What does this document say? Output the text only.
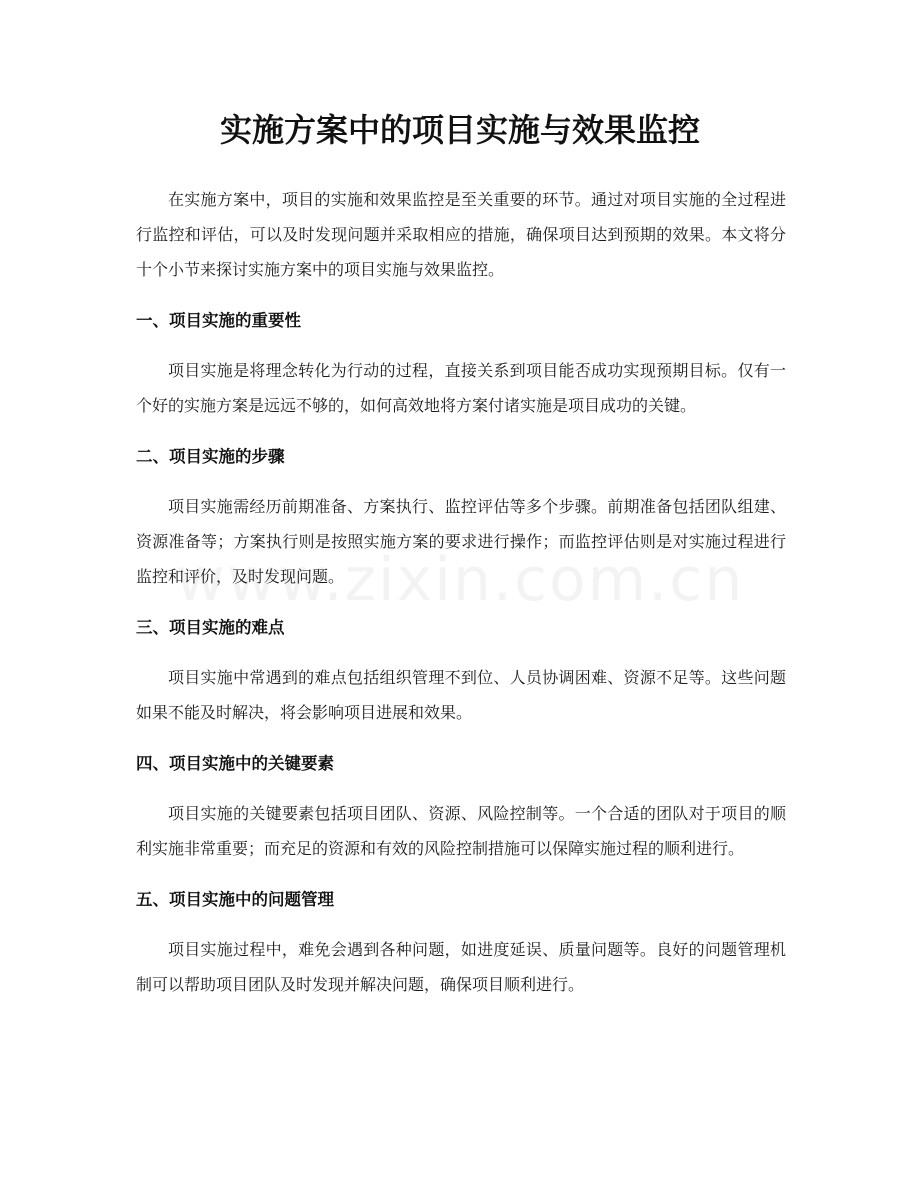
实施方案中的项目实施与效果监控

在实施方案中，项目的实施和效果监控是至关重要的环节。通过对项目实施的全过程进行监控和评估，可以及时发现问题并采取相应的措施，确保项目达到预期的效果。本文将分十个小节来探讨实施方案中的项目实施与效果监控。

一、项目实施的重要性

项目实施是将理念转化为行动的过程，直接关系到项目能否成功实现预期目标。仅有一个好的实施方案是远远不够的，如何高效地将方案付诸实施是项目成功的关键。

二、项目实施的步骤

项目实施需经历前期准备、方案执行、监控评估等多个步骤。前期准备包括团队组建、资源准备等；方案执行则是按照实施方案的要求进行操作；而监控评估则是对实施过程进行监控和评价，及时发现问题。

三、项目实施的难点

项目实施中常遇到的难点包括组织管理不到位、人员协调困难、资源不足等。这些问题如果不能及时解决，将会影响项目进展和效果。

四、项目实施中的关键要素

项目实施的关键要素包括项目团队、资源、风险控制等。一个合适的团队对于项目的顺利实施非常重要；而充足的资源和有效的风险控制措施可以保障实施过程的顺利进行。

五、项目实施中的问题管理

项目实施过程中，难免会遇到各种问题，如进度延误、质量问题等。良好的问题管理机制可以帮助项目团队及时发现并解决问题，确保项目顺利进行。
